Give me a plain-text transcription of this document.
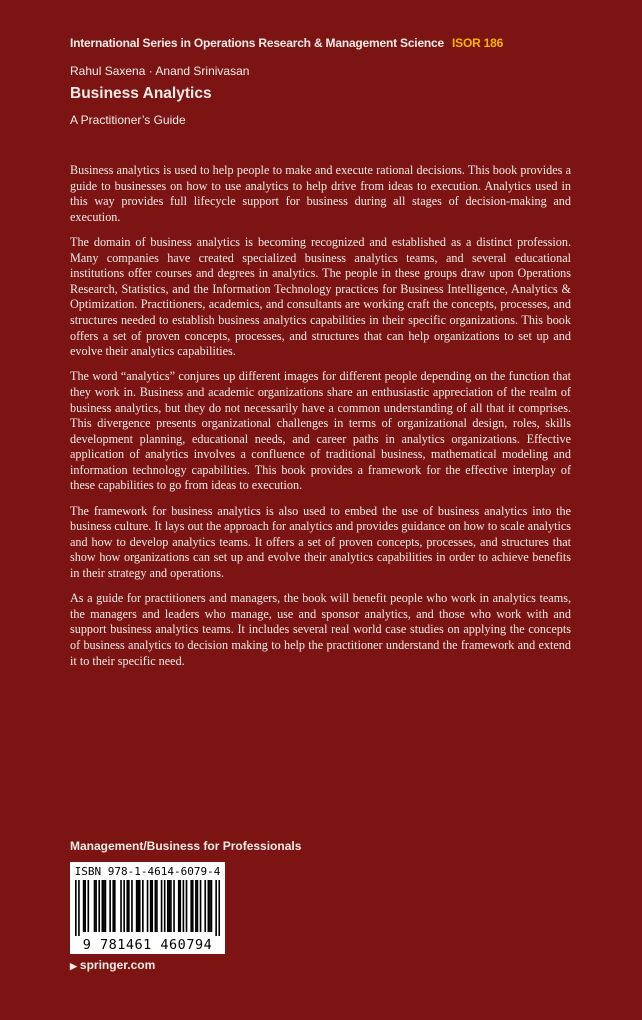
International Series in Operations Research & Management Science ISOR 186
Rahul Saxena · Anand Srinivasan
Business Analytics
A Practitioner’s Guide

Business analytics is used to help people to make and execute rational decisions. This book provides a guide to businesses on how to use analytics to help drive from ideas to execution. Analytics used in this way provides full lifecycle support for business during all stages of decision-making and execution.

The domain of business analytics is becoming recognized and established as a distinct profession. Many companies have created specialized business analytics teams, and several educational institutions offer courses and degrees in analytics. The people in these groups draw upon Operations Research, Statistics, and the Information Technology practices for Business Intelligence, Analytics & Optimization. Practitioners, academics, and consultants are working craft the concepts, processes, and structures needed to establish business analytics capabilities in their specific organizations. This book offers a set of proven concepts, processes, and structures that can help organizations to set up and evolve their analytics capabilities.

The word “analytics” conjures up different images for different people depending on the function that they work in. Business and academic organizations share an enthusiastic appreciation of the realm of business analytics, but they do not necessarily have a common understanding of all that it comprises. This divergence presents organizational challenges in terms of organizational design, roles, skills development planning, educational needs, and career paths in analytics organizations. Effective application of analytics involves a confluence of traditional business, mathematical modeling and information technology capabilities. This book provides a framework for the effective interplay of these capabilities to go from ideas to execution.

The framework for business analytics is also used to embed the use of business analytics into the business culture. It lays out the approach for analytics and provides guidance on how to scale analytics and how to develop analytics teams. It offers a set of proven concepts, processes, and structures that show how organizations can set up and evolve their analytics capabilities in order to achieve benefits in their strategy and operations.

As a guide for practitioners and managers, the book will benefit people who work in analytics teams, the managers and leaders who manage, use and sponsor analytics, and those who work with and support business analytics teams. It includes several real world case studies on applying the concepts of business analytics to decision making to help the practitioner understand the framework and extend it to their specific need.

Management/Business for Professionals
ISBN 978-1-4614-6079-4
9 781461 460794
▶ springer.com
